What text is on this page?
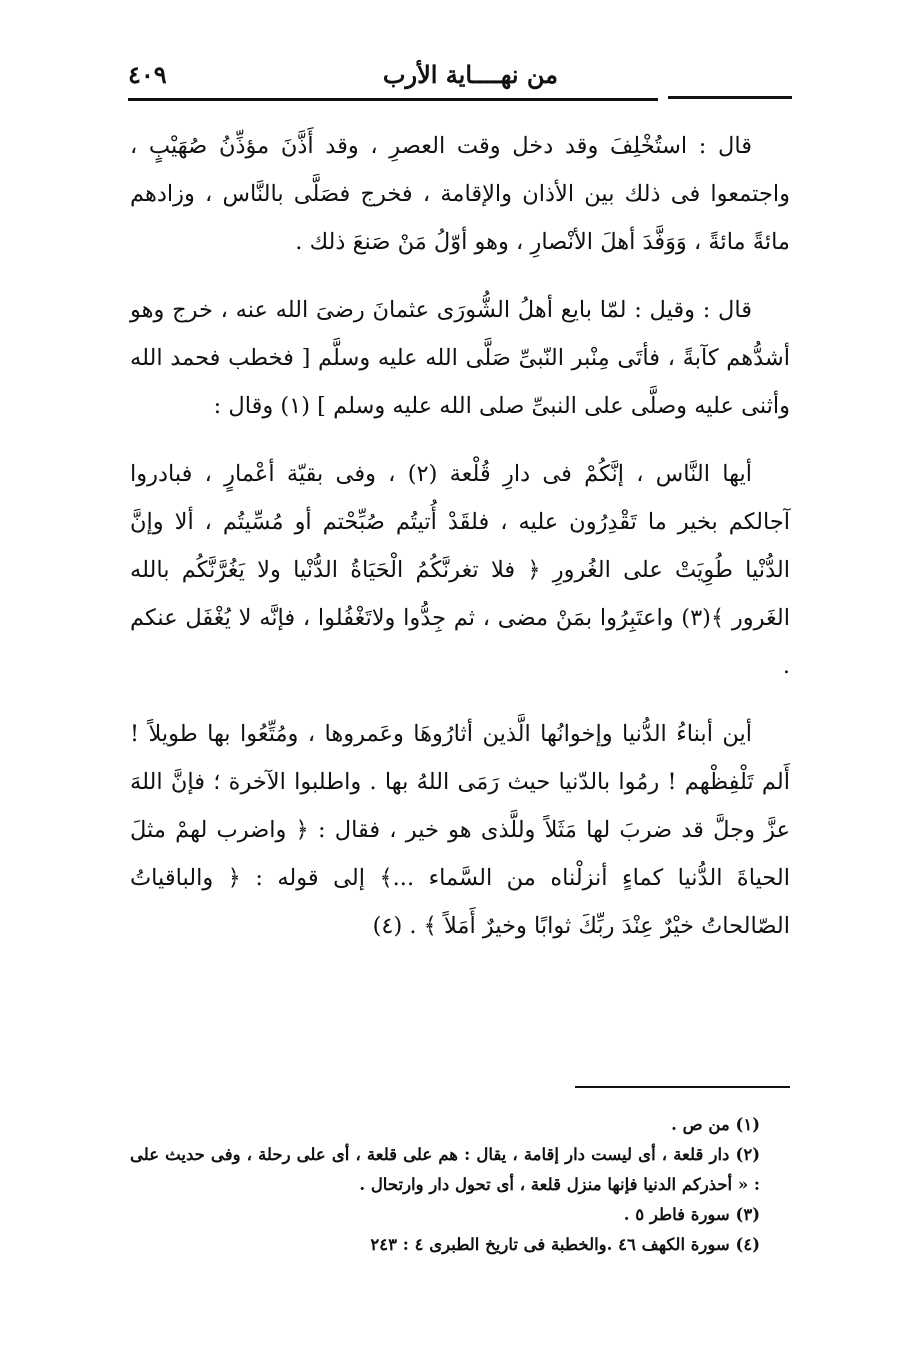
من نهــــاية الأرب
٤٠٩

قال : استُخْلِفَ وقد دخل وقت العصرِ ، وقد أَذَّنَ مؤذِّنُ صُهَيْبٍ ، واجتمعوا فى ذلك بين الأذان والإقامة ، فخرج فصَلَّى بالنَّاس ، وزادهم مائةً مائةً ، وَوَفَّدَ أهلَ الأنْصارِ ، وهو أوّلُ مَنْ صَنعَ ذلك .

قال : وقيل : لمّا بايع أهلُ الشُّورَى عثمانَ رضىَ الله عنه ، خرج وهو أشدُّهم كآبةً ، فأتَى مِنْبر النّبىِّ صَلَّى الله عليه وسلَّم [ فخطب فحمد الله وأثنى عليه وصلَّى على النبىِّ صلى الله عليه وسلم ] (١) وقال :

أيها النَّاس ، إنَّكُمْ فى دارِ قُلْعة (٢) ، وفى بقيّة أعْمارٍ ، فبادروا آجالكم بخير ما تَقْدِرُون عليه ، فلقَدْ أُتيتُم صُبِّحْتم أو مُسِّيتُم ، ألا وإنَّ الدُّنْيا طُوِيَتْ على الغُرورِ ﴿ فلا تغرنَّكُمُ الْحَيَاةُ الدُّنْيا ولا يَغُرَّنَّكُم بالله الغَرور ﴾(٣) واعتَبِرُوا بمَنْ مضى ، ثم جِدُّوا ولاتَغْفُلوا ، فإنَّه لا يُغْفَل عنكم .

أين أبناءُ الدُّنيا وإخوانُها الَّذين أثارُوهَا وعَمروها ، ومُتِّعُوا بها طويلاً ! أَلم تَلْفِظْهم ! رمُوا بالدّنيا حيث رَمَى اللهُ بها . واطلبوا الآخرة ؛ فإنَّ اللهَ عزَّ وجلَّ قد ضربَ لها مَثَلاً وللَّذى هو خير ، فقال : ﴿ واضرب لهمْ مثلَ الحياةَ الدُّنيا كماءٍ أنزلْناه من السَّماء ...﴾ إلى قوله : ﴿ والباقياتُ الصّالحاتُ خيْرٌ عِنْدَ ربِّكَ ثوابًا وخيرٌ أَمَلاً ﴾ . (٤)

(١) من ص .

(٢) دار قلعة ، أى ليست دار إقامة ، يقال : هم على قلعة ، أى على رحلة ، وفى حديث على : « أحذركم الدنيا فإنها منزل قلعة ، أى تحول دار وارتحال .

(٣) سورة فاطر ٥ .

(٤) سورة الكهف ٤٦ .والخطبة فى تاريخ الطبرى ٤ : ٢٤٣
